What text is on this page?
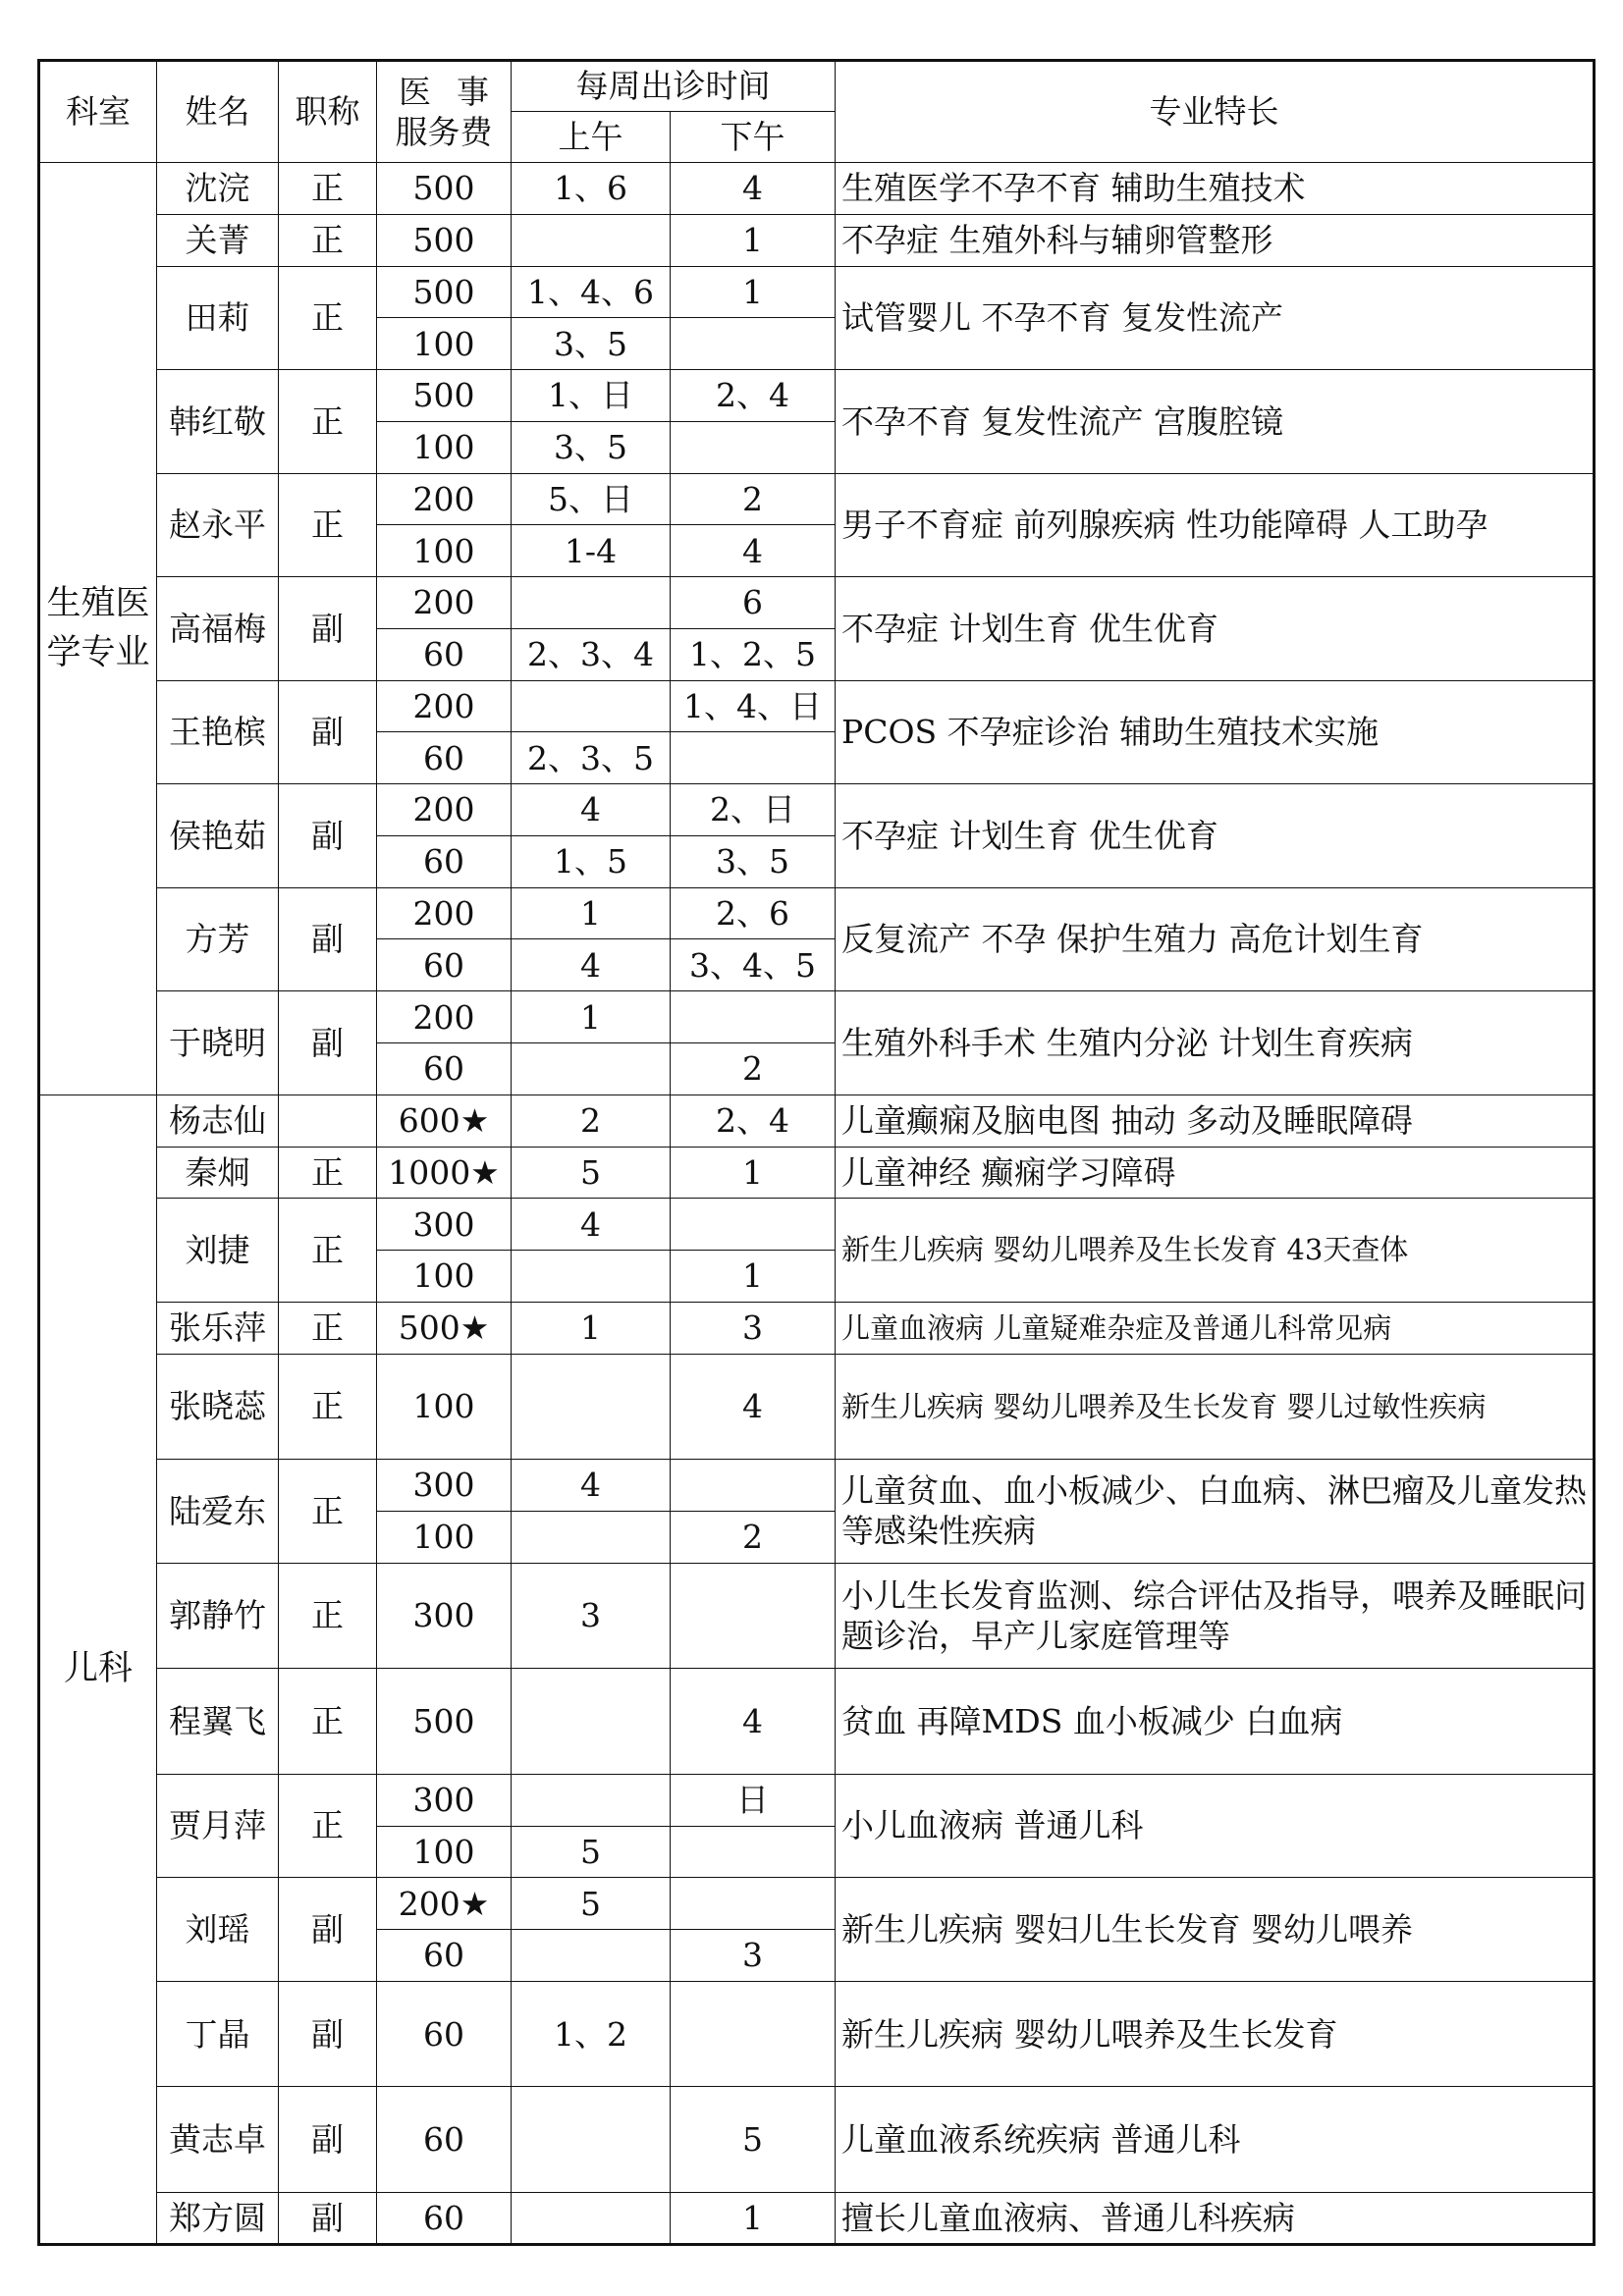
科室	姓名	职称	医 事
服务费	每周出诊时间		专业特长
				上午	下午	
生殖医学专业	沈浣	正	500	1、6	4	生殖医学不孕不育 辅助生殖技术
	关菁	正	500		1	不孕症 生殖外科与辅卵管整形
	田莉	正	500	1、4、6	1	试管婴儿 不孕不育 复发性流产
			100	3、5		
	韩红敬	正	500	1、日	2、4	不孕不育 复发性流产 宫腹腔镜
			100	3、5		
	赵永平	正	200	5、日	2	男子不育症 前列腺疾病 性功能障碍 人工助孕
			100	1-4	4	
	高福梅	副	200		6	不孕症 计划生育 优生优育
			60	2、3、4	1、2、5	
	王艳槟	副	200		1、4、日	PCOS 不孕症诊治 辅助生殖技术实施
			60	2、3、5		
	侯艳茹	副	200	4	2、日	不孕症 计划生育 优生优育
			60	1、5	3、5	
	方芳	副	200	1	2、6	反复流产 不孕 保护生殖力 高危计划生育
			60	4	3、4、5	
	于晓明	副	200	1		生殖外科手术 生殖内分泌 计划生育疾病
			60		2	
儿科	杨志仙		600★	2	2、4	儿童癫痫及脑电图 抽动 多动及睡眠障碍
	秦炯	正	1000★	5	1	儿童神经 癫痫学习障碍
	刘捷	正	300	4		新生儿疾病 婴幼儿喂养及生长发育 43天查体
			100		1	
	张乐萍	正	500★	1	3	儿童血液病 儿童疑难杂症及普通儿科常见病
	张晓蕊	正	100		4	新生儿疾病 婴幼儿喂养及生长发育 婴儿过敏性疾病
	陆爱东	正	300	4		儿童贫血、血小板减少、白血病、淋巴瘤及儿童发热等感染性疾病
			100		2	
	郭静竹	正	300	3		小儿生长发育监测、综合评估及指导，喂养及睡眠问题诊治，早产儿家庭管理等
	程翼飞	正	500		4	贫血 再障MDS 血小板减少 白血病
	贾月萍	正	300		日	小儿血液病 普通儿科
			100	5		
	刘瑶	副	200★	5		新生儿疾病 婴妇儿生长发育 婴幼儿喂养
			60		3	
	丁晶	副	60	1、2		新生儿疾病 婴幼儿喂养及生长发育
	黄志卓	副	60		5	儿童血液系统疾病 普通儿科
	郑方圆	副	60		1	擅长儿童血液病、普通儿科疾病
